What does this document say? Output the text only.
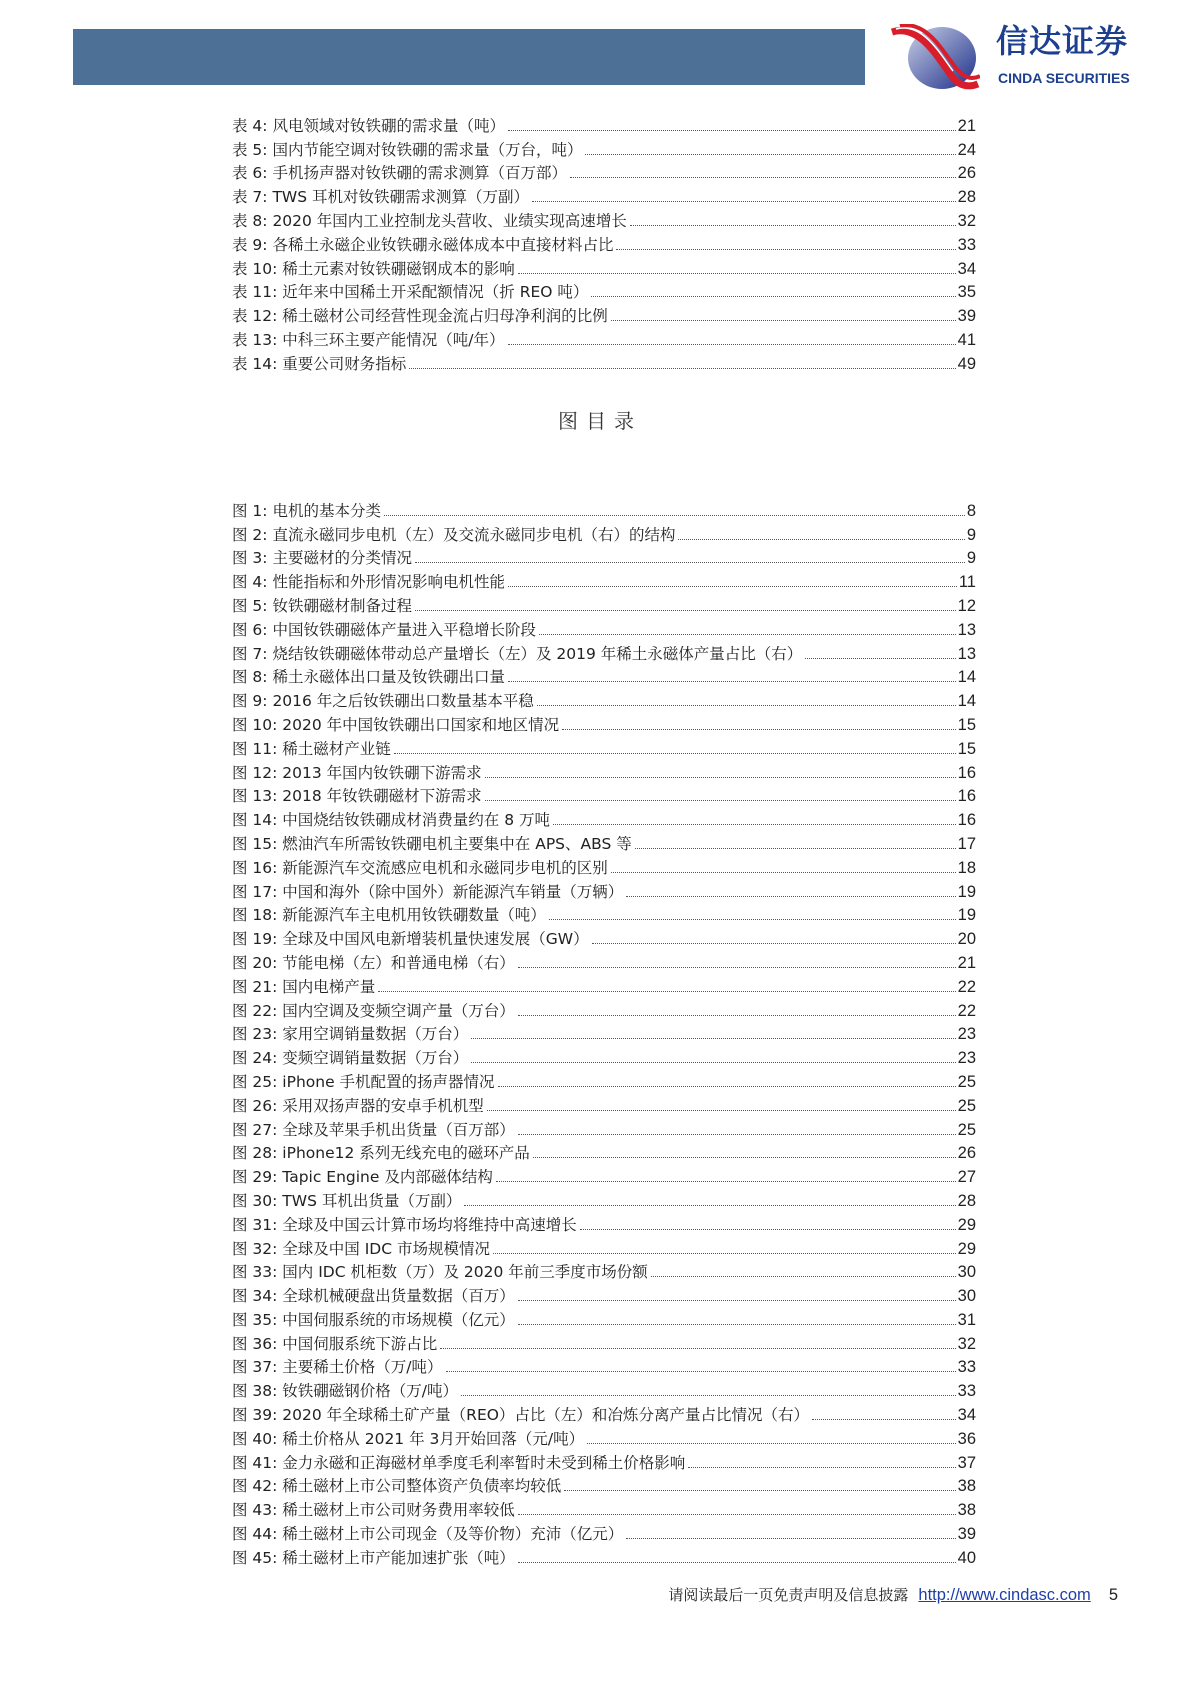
信达证券
CINDA SECURITIES
表 4: 风电领域对钕铁硼的需求量（吨）	21
表 5: 国内节能空调对钕铁硼的需求量（万台，吨）	24
表 6: 手机扬声器对钕铁硼的需求测算（百万部）	26
表 7: TWS 耳机对钕铁硼需求测算（万副）	28
表 8: 2020 年国内工业控制龙头营收、业绩实现高速增长	32
表 9: 各稀土永磁企业钕铁硼永磁体成本中直接材料占比	33
表 10: 稀土元素对钕铁硼磁钢成本的影响	34
表 11: 近年来中国稀土开采配额情况（折 REO 吨）	35
表 12: 稀土磁材公司经营性现金流占归母净利润的比例	39
表 13: 中科三环主要产能情况（吨/年）	41
表 14: 重要公司财务指标	49
图目录
图 1: 电机的基本分类	8
图 2: 直流永磁同步电机（左）及交流永磁同步电机（右）的结构	9
图 3: 主要磁材的分类情况	9
图 4: 性能指标和外形情况影响电机性能	11
图 5: 钕铁硼磁材制备过程	12
图 6: 中国钕铁硼磁体产量进入平稳增长阶段	13
图 7: 烧结钕铁硼磁体带动总产量增长（左）及 2019 年稀土永磁体产量占比（右）	13
图 8: 稀土永磁体出口量及钕铁硼出口量	14
图 9: 2016 年之后钕铁硼出口数量基本平稳	14
图 10: 2020 年中国钕铁硼出口国家和地区情况	15
图 11: 稀土磁材产业链	15
图 12: 2013 年国内钕铁硼下游需求	16
图 13: 2018 年钕铁硼磁材下游需求	16
图 14: 中国烧结钕铁硼成材消费量约在 8 万吨	16
图 15: 燃油汽车所需钕铁硼电机主要集中在 APS、ABS 等	17
图 16: 新能源汽车交流感应电机和永磁同步电机的区别	18
图 17: 中国和海外（除中国外）新能源汽车销量（万辆）	19
图 18: 新能源汽车主电机用钕铁硼数量（吨）	19
图 19: 全球及中国风电新增装机量快速发展（GW）	20
图 20: 节能电梯（左）和普通电梯（右）	21
图 21: 国内电梯产量	22
图 22: 国内空调及变频空调产量（万台）	22
图 23: 家用空调销量数据（万台）	23
图 24: 变频空调销量数据（万台）	23
图 25: iPhone 手机配置的扬声器情况	25
图 26: 采用双扬声器的安卓手机机型	25
图 27: 全球及苹果手机出货量（百万部）	25
图 28: iPhone12 系列无线充电的磁环产品	26
图 29: Tapic Engine 及内部磁体结构	27
图 30: TWS 耳机出货量（万副）	28
图 31: 全球及中国云计算市场均将维持中高速增长	29
图 32: 全球及中国 IDC 市场规模情况	29
图 33: 国内 IDC 机柜数（万）及 2020 年前三季度市场份额	30
图 34: 全球机械硬盘出货量数据（百万）	30
图 35: 中国伺服系统的市场规模（亿元）	31
图 36: 中国伺服系统下游占比	32
图 37: 主要稀土价格（万/吨）	33
图 38: 钕铁硼磁钢价格（万/吨）	33
图 39: 2020 年全球稀土矿产量（REO）占比（左）和冶炼分离产量占比情况（右）	34
图 40: 稀土价格从 2021 年 3月开始回落（元/吨）	36
图 41: 金力永磁和正海磁材单季度毛利率暂时未受到稀土价格影响	37
图 42: 稀土磁材上市公司整体资产负债率均较低	38
图 43: 稀土磁材上市公司财务费用率较低	38
图 44: 稀土磁材上市公司现金（及等价物）充沛（亿元）	39
图 45: 稀土磁材上市产能加速扩张（吨）	40
请阅读最后一页免责声明及信息披露 http://www.cindasc.com 5
